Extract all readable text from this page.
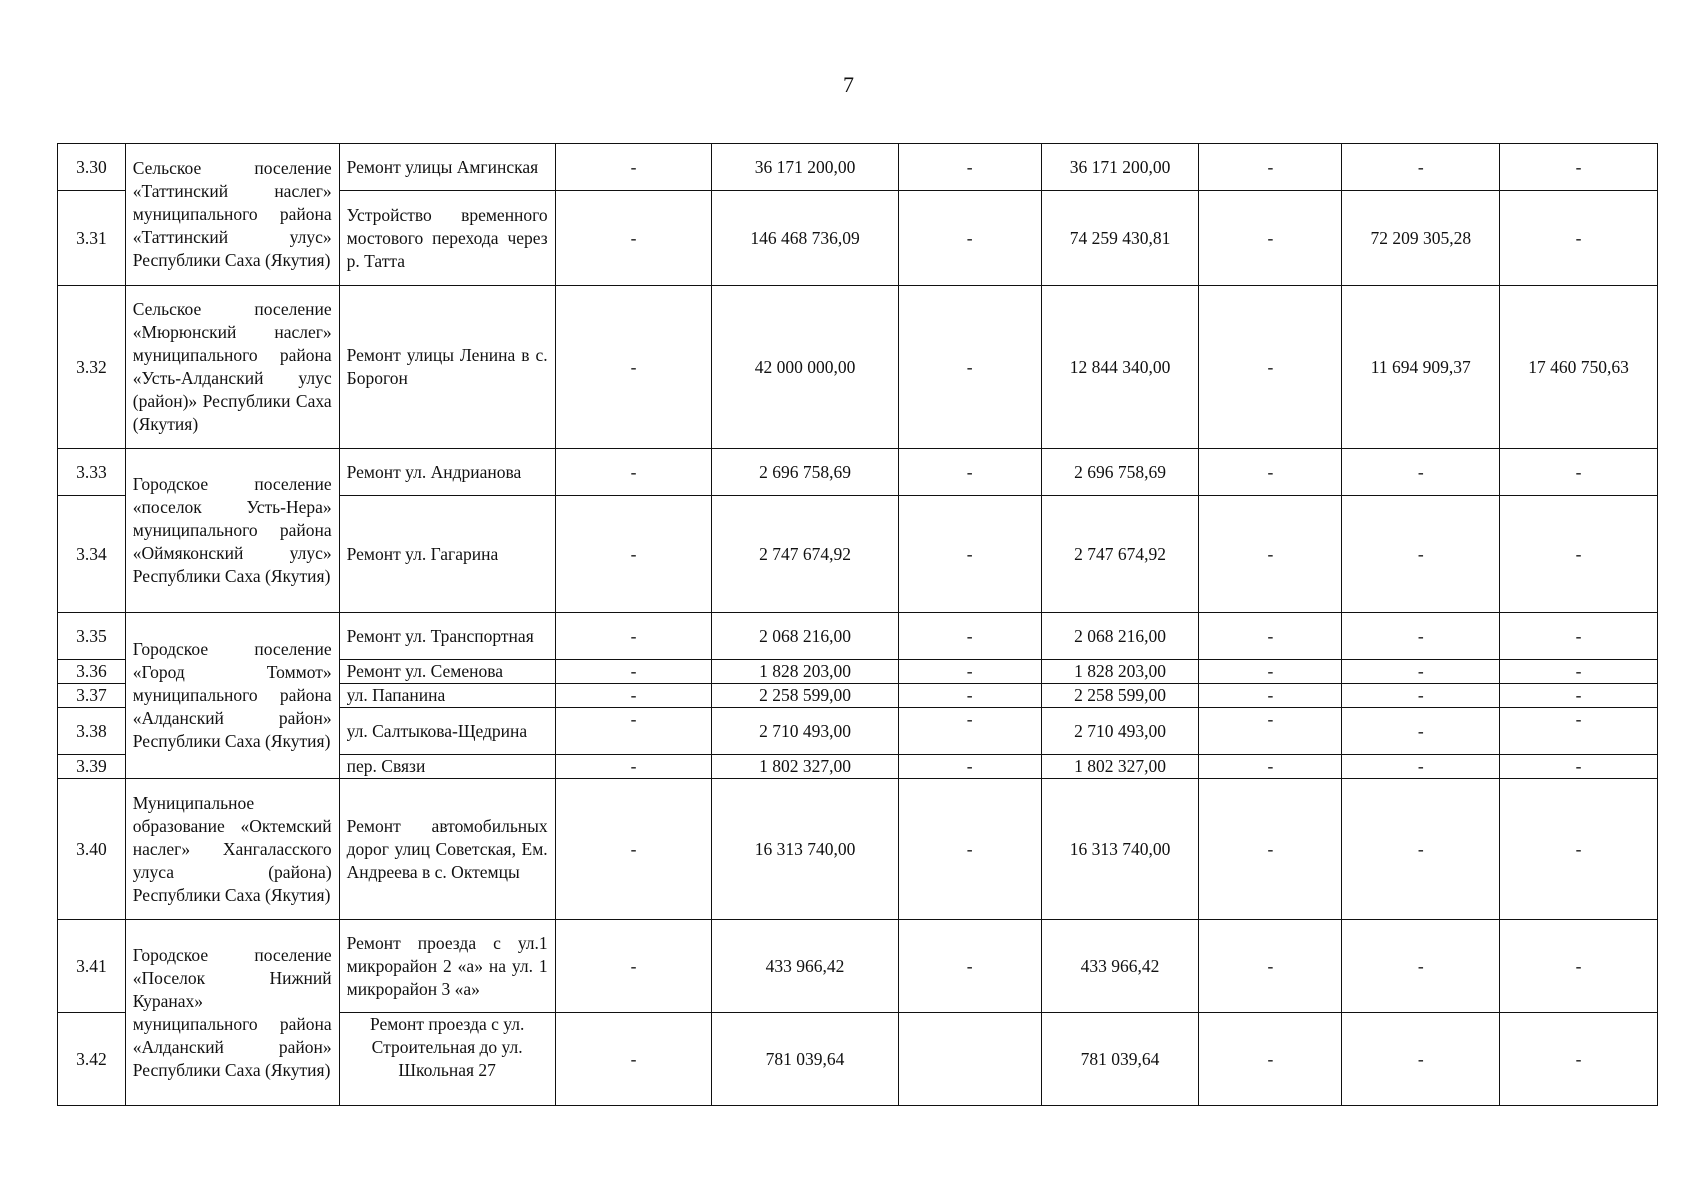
7
3.30	Сельское поселение «Таттинский наслег» муниципального района «Таттинский улус» Республики Саха (Якутия)	Ремонт улицы Амгинская	-	36 171 200,00	-	36 171 200,00	-	-	-
3.31		Устройство временного мостового перехода через р. Татта	-	146 468 736,09	-	74 259 430,81	-	72 209 305,28	-
3.32	Сельское поселение «Мюрюнский наслег» муниципального района «Усть-Алданский улус (район)» Республики Саха (Якутия)	Ремонт улицы Ленина в с. Борогон	-	42 000 000,00	-	12 844 340,00	-	11 694 909,37	17 460 750,63
3.33	Городское поселение «поселок Усть-Нера» муниципального района «Оймяконский улус» Республики Саха (Якутия)	Ремонт ул. Андрианова	-	2 696 758,69	-	2 696 758,69	-	-	-
3.34		Ремонт ул. Гагарина	-	2 747 674,92	-	2 747 674,92	-	-	-
3.35	Городское поселение «Город Томмот» муниципального района «Алданский район» Республики Саха (Якутия)	Ремонт ул. Транспортная	-	2 068 216,00	-	2 068 216,00	-	-	-
3.36		Ремонт ул. Семенова	-	1 828 203,00	-	1 828 203,00	-	-	-
3.37		ул. Папанина	-	2 258 599,00	-	2 258 599,00	-	-	-
3.38		ул. Салтыкова-Щедрина	-	2 710 493,00	-	2 710 493,00	-	-	-
3.39		пер. Связи	-	1 802 327,00	-	1 802 327,00	-	-	-
3.40	Муниципальное образование «Октемский наслег» Хангаласского улуса (района) Республики Саха (Якутия)	Ремонт автомобильных дорог улиц Советская, Ем. Андреева в с. Октемцы	-	16 313 740,00	-	16 313 740,00	-	-	-
3.41	Городское поселение «Поселок Нижний Куранах» муниципального района «Алданский район» Республики Саха (Якутия)	Ремонт проезда с ул.1 микрорайон 2 «а» на ул. 1 микрорайон 3 «а»	-	433 966,42	-	433 966,42	-	-	-
3.42		Ремонт проезда с ул. Строительная до ул. Школьная 27	-	781 039,64		781 039,64	-	-	-
